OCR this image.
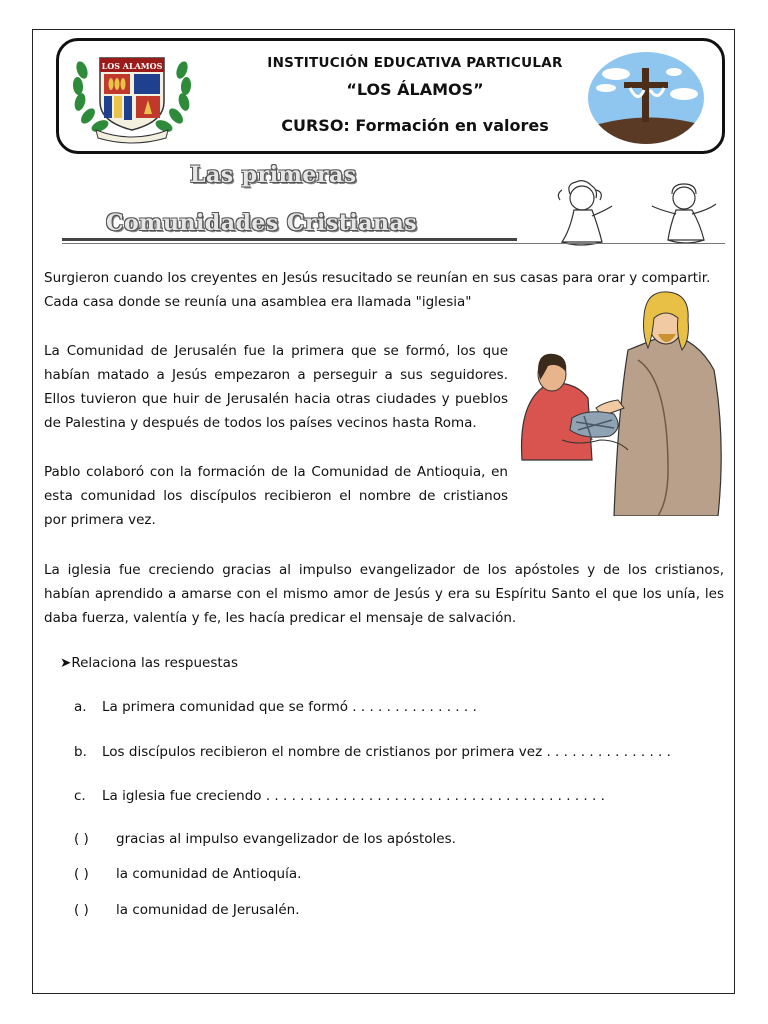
LOS ALAMOS	INSTITUCIÓN EDUCATIVA PARTICULAR
“LOS ÁLAMOS”
CURSO: Formación en valores
Las primeras
Comunidades Cristianas
Surgieron cuando los creyentes en Jesús resucitado se reunían en sus casas para orar y compartir. Cada casa donde se reunía una asamblea era llamada "iglesia"
La Comunidad de Jerusalén fue la primera que se formó, los que habían matado a Jesús empezaron a perseguir a sus seguidores. Ellos tuvieron que huir de Jerusalén hacia otras ciudades y pueblos de Palestina y después de todos los países vecinos hasta Roma.
Pablo colaboró con la formación de la Comunidad de Antioquia, en esta comunidad los discípulos recibieron el nombre de cristianos por primera vez.
La iglesia fue creciendo gracias al impulso evangelizador de los apóstoles y de los cristianos, habían aprendido a amarse con el mismo amor de Jesús y era su Espíritu Santo el que los unía, les daba fuerza, valentía y fe, les hacía predicar el mensaje de salvación.
➤Relaciona las respuestas
a. La primera comunidad que se formó . . . . . . . . . . . . . . .
b. Los discípulos recibieron el nombre de cristianos por primera vez . . . . . . . . . . . . . . .
c. La iglesia fue creciendo . . . . . . . . . . . . . . . . . . . . . . . . . . . . . . . . . . . . . . . .
( ) gracias al impulso evangelizador de los apóstoles.
( ) la comunidad de Antioquía.
( ) la comunidad de Jerusalén.
